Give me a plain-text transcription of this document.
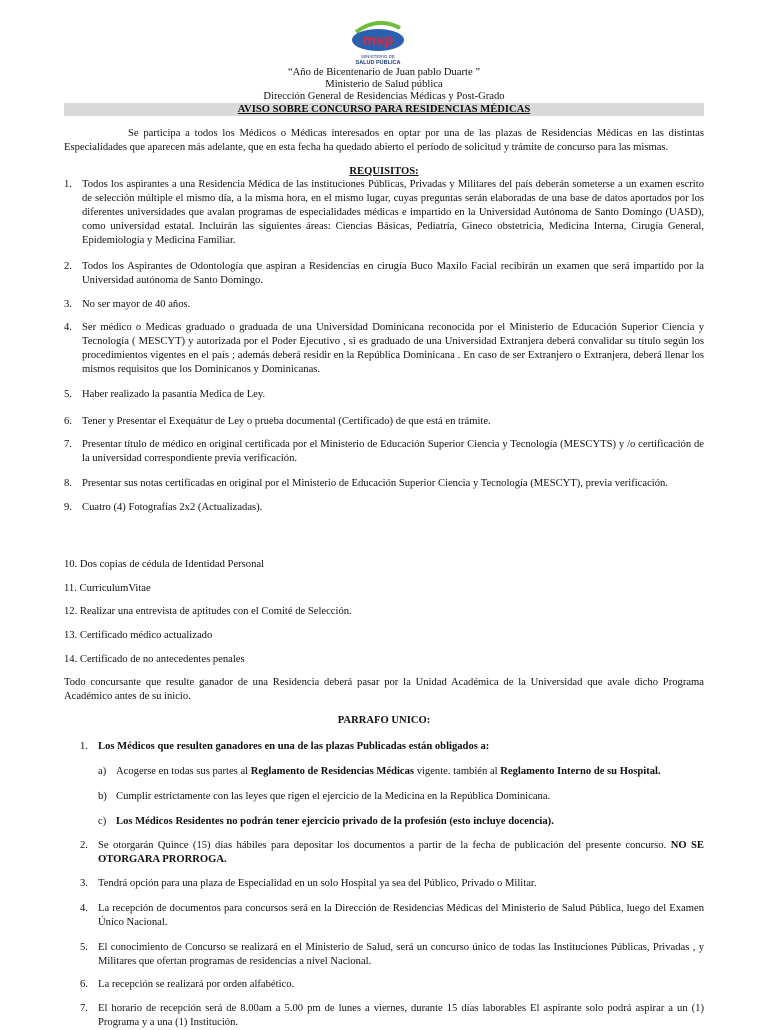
msp
MINISTERIO DE
SALUD PÚBLICA
“Año de Bicentenario de Juan pablo Duarte ”
Ministerio de Salud pública
Dirección General de Residencias Médicas y Post-Grado
AVISO SOBRE CONCURSO PARA RESIDENCIAS MÉDICAS
Se participa a todos los Médicos o Médicas interesados en optar por una de las plazas de Residencias Médicas en las distintas Especialidades que aparecen más adelante, que en esta fecha ha quedado abierto el período de solicitud y trámite de concurso para las mismas.
REQUISITOS:
1. Todos los aspirantes a una Residencia Médica de las instituciones Públicas, Privadas y Militares del país deberán someterse a un examen escrito de selección múltiple el mismo día, a la misma hora, en el mismo lugar, cuyas preguntas serán elaboradas de una base de datos aportados por los diferentes universidades que avalan programas de especialidades médicas e impartido en la Universidad Autónoma de Santo Domingo (UASD), como universidad estatal. Incluirán las siguientes áreas: Ciencias Básicas, Pediatría, Gineco obstetricia, Medicina Interna, Cirugía General, Epidemiología y Medicina Familiar.
2. Todos los Aspirantes de Odontología que aspiran a Residencias en cirugía Buco Maxilo Facial recibirán un examen que será impartido por la Universidad autónoma de Santo Domingo.
3. No ser mayor de 40 años.
4. Ser médico o Medicas graduado o graduada de una Universidad Dominicana reconocida por el Ministerio de Educación Superior Ciencia y Tecnología ( MESCYT) y autorizada por el Poder Ejecutivo , si es graduado de una Universidad Extranjera deberá convalidar su título según los procedimientos vigentes en el país ; además deberá residir en la República Dominicana . En caso de ser Extranjero o Extranjera, deberá llenar los mismos requisitos que los Dominicanos y Dominicanas.
5. Haber realizado la pasantía Medica de Ley.
6. Tener y Presentar el Exequátur de Ley o prueba documental (Certificado) de que está en trámite.
7. Presentar título de médico en original certificada por el Ministerio de Educación Superior Ciencia y Tecnología (MESCYTS) y /o certificación de la universidad correspondiente previa verificación.
8. Presentar sus notas certificadas en original por el Ministerio de Educación Superior Ciencia y Tecnología (MESCYT), previa verificación.
9. Cuatro (4) Fotografías 2x2 (Actualizadas).
10. Dos copias de cédula de Identidad Personal
11. CurriculumVitae
12. Realizar una entrevista de aptitudes con el Comité de Selección.
13. Certificado médico actualizado
14. Certificado de no antecedentes penales
Todo concursante que resulte ganador de una Residencia deberá pasar por la Unidad Académica de la Universidad que avale dicho Programa Académico antes de su inicio.
PARRAFO UNICO:
1. Los Médicos que resulten ganadores en una de las plazas Publicadas están obligados a:
a) Acogerse en todas sus partes al Reglamento de Residencias Médicas vigente. también al Reglamento Interno de su Hospital.
b) Cumplir estrictamente con las leyes que rigen el ejercicio de la Medicina en la República Dominicana.
c) Los Médicos Residentes no podrán tener ejercicio privado de la profesión (esto incluye docencia).
2. Se otorgarán Quince (15) días hábiles para depositar los documentos a partir de la fecha de publicación del presente concurso. NO SE OTORGARA PRORROGA.
3. Tendrá opción para una plaza de Especialidad en un solo Hospital ya sea del Público, Privado o Militar.
4. La recepción de documentos para concursos será en la Dirección de Residencias Médicas del Ministerio de Salud Pública, luego del Examen Único Nacional.
5. El conocimiento de Concurso se realizará en el Ministerio de Salud, será un concurso único de todas las Instituciones Públicas, Privadas , y Militares que ofertan programas de residencias a nivel Nacional.
6. La recepción se realizará por orden alfabético.
7. El horario de recepción será de 8.00am a 5.00 pm de lunes a viernes, durante 15 días laborables El aspirante solo podrá aspirar a un (1) Programa y a una (1) Institución.
